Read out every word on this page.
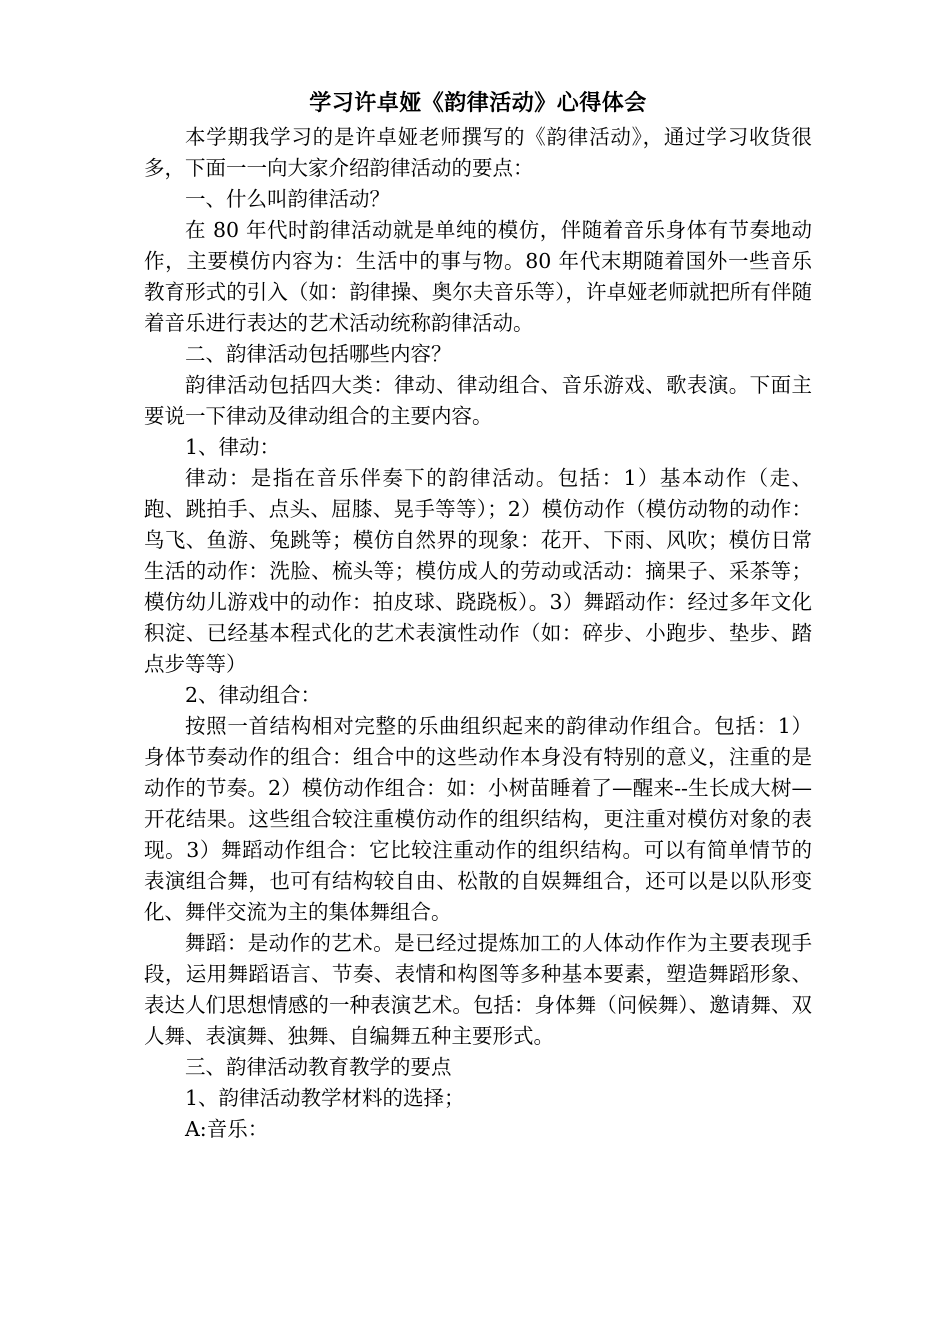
学习许卓娅《韵律活动》心得体会

本学期我学习的是许卓娅老师撰写的《韵律活动》，通过学习收货很多，下面一一向大家介绍韵律活动的要点：

一、什么叫韵律活动？

在 80 年代时韵律活动就是单纯的模仿，伴随着音乐身体有节奏地动作，主要模仿内容为：生活中的事与物。80 年代末期随着国外一些音乐教育形式的引入（如：韵律操、奥尔夫音乐等），许卓娅老师就把所有伴随着音乐进行表达的艺术活动统称韵律活动。

二、韵律活动包括哪些内容？

韵律活动包括四大类：律动、律动组合、音乐游戏、歌表演。下面主要说一下律动及律动组合的主要内容。

1、律动：

律动：是指在音乐伴奏下的韵律活动。包括：1）基本动作（走、跑、跳拍手、点头、屈膝、晃手等等）；2）模仿动作（模仿动物的动作：鸟飞、鱼游、兔跳等；模仿自然界的现象：花开、下雨、风吹；模仿日常生活的动作：洗脸、梳头等；模仿成人的劳动或活动：摘果子、采茶等；模仿幼儿游戏中的动作：拍皮球、跷跷板）。3）舞蹈动作：经过多年文化积淀、已经基本程式化的艺术表演性动作（如：碎步、小跑步、垫步、踏点步等等）

2、律动组合：

按照一首结构相对完整的乐曲组织起来的韵律动作组合。包括：1）身体节奏动作的组合：组合中的这些动作本身没有特别的意义，注重的是动作的节奏。2）模仿动作组合：如：小树苗睡着了—醒来--生长成大树—开花结果。这些组合较注重模仿动作的组织结构，更注重对模仿对象的表现。3）舞蹈动作组合：它比较注重动作的组织结构。可以有简单情节的表演组合舞，也可有结构较自由、松散的自娱舞组合，还可以是以队形变化、舞伴交流为主的集体舞组合。

舞蹈：是动作的艺术。是已经过提炼加工的人体动作作为主要表现手段，运用舞蹈语言、节奏、表情和构图等多种基本要素，塑造舞蹈形象、表达人们思想情感的一种表演艺术。包括：身体舞（问候舞）、邀请舞、双人舞、表演舞、独舞、自编舞五种主要形式。

三、韵律活动教育教学的要点

1、韵律活动教学材料的选择；

A:音乐：
